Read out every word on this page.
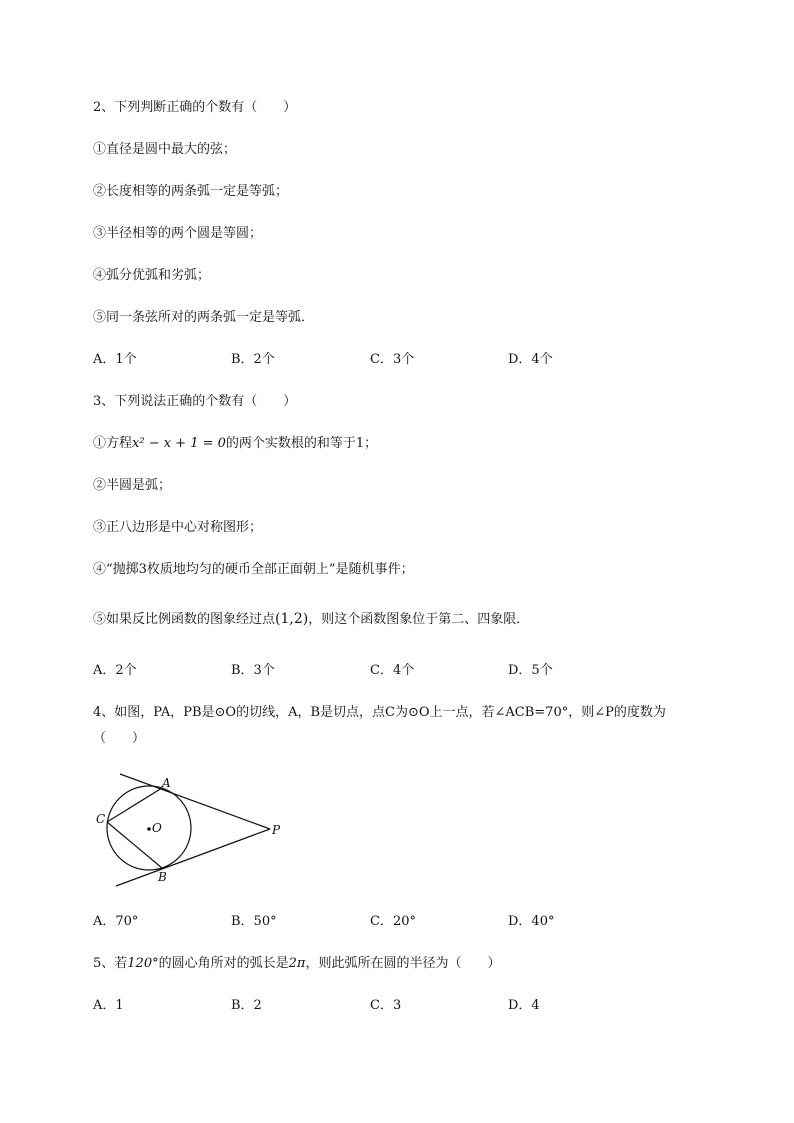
2、下列判断正确的个数有（　　）
①直径是圆中最大的弦；
②长度相等的两条弧一定是等弧；
③半径相等的两个圆是等圆；
④弧分优弧和劣弧；
⑤同一条弦所对的两条弧一定是等弧．
A．1个	B．2个	C．3个	D．4个
3、下列说法正确的个数有（　　）
①方程x² − x + 1 = 0的两个实数根的和等于1；
②半圆是弧；
③正八边形是中心对称图形；
④“抛掷3枚质地均匀的硬币全部正面朝上”是随机事件；
⑤如果反比例函数的图象经过点(1,2)，则这个函数图象位于第二、四象限．
A．2个	B．3个	C．4个	D．5个
4、如图，PA，PB是⊙O的切线，A，B是切点，点C为⊙O上一点，若∠ACB=70°，则∠P的度数为
（　　）
A
B
C
O	P
A．70°	B．50°	C．20°	D．40°
5、若120°的圆心角所对的弧长是2π，则此弧所在圆的半径为（　　）
A．1	B．2	C．3	D．4
